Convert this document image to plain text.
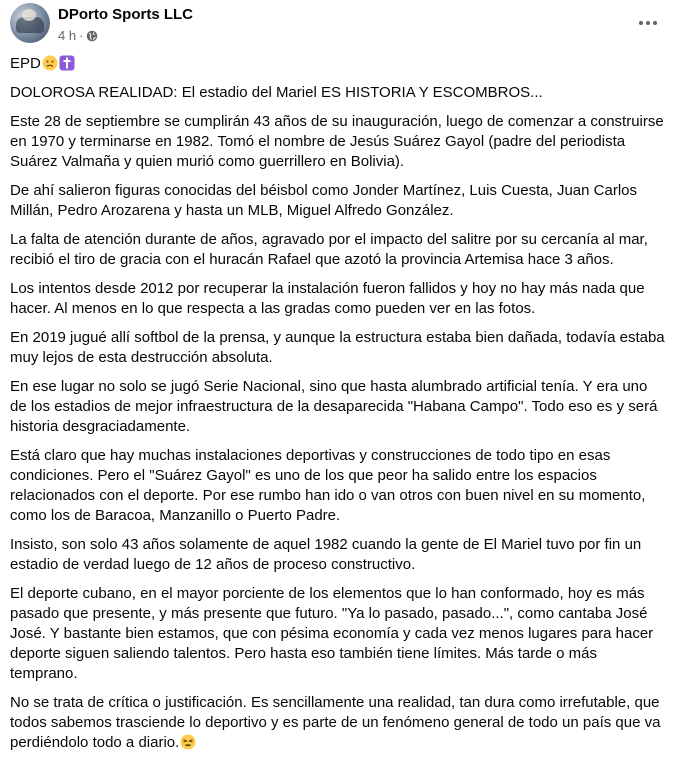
DPorto Sports LLC
4 h ·

EPD

DOLOROSA REALIDAD: El estadio del Mariel ES HISTORIA Y ESCOMBROS...

Este 28 de septiembre se cumplirán 43 años de su inauguración, luego de comenzar a construirse en 1970 y terminarse en 1982. Tomó el nombre de Jesús Suárez Gayol (padre del periodista Suárez Valmaña y quien murió como guerrillero en Bolivia).

De ahí salieron figuras conocidas del béisbol como Jonder Martínez, Luis Cuesta, Juan Carlos Millán, Pedro Arozarena y hasta un MLB, Miguel Alfredo González.

La falta de atención durante de años, agravado por el impacto del salitre por su cercanía al mar, recibió el tiro de gracia con el huracán Rafael que azotó la provincia Artemisa hace 3 años.

Los intentos desde 2012 por recuperar la instalación fueron fallidos y hoy no hay más nada que hacer. Al menos en lo que respecta a las gradas como pueden ver en las fotos.

En 2019 jugué allí softbol de la prensa, y aunque la estructura estaba bien dañada, todavía estaba muy lejos de esta destrucción absoluta.

En ese lugar no solo se jugó Serie Nacional, sino que hasta alumbrado artificial tenía. Y era uno de los estadios de mejor infraestructura de la desaparecida "Habana Campo". Todo eso es y será historia desgraciadamente.

Está claro que hay muchas instalaciones deportivas y construcciones de todo tipo en esas condiciones. Pero el "Suárez Gayol" es uno de los que peor ha salido entre los espacios relacionados con el deporte. Por ese rumbo han ido o van otros con buen nivel en su momento, como los de Baracoa, Manzanillo o Puerto Padre.

Insisto, son solo 43 años solamente de aquel 1982 cuando la gente de El Mariel tuvo por fin un estadio de verdad luego de 12 años de proceso constructivo.

El deporte cubano, en el mayor porciente de los elementos que lo han conformado, hoy es más pasado que presente, y más presente que futuro. "Ya lo pasado, pasado...", como cantaba José José. Y bastante bien estamos, que con pésima economía y cada vez menos lugares para hacer deporte siguen saliendo talentos. Pero hasta eso también tiene límites. Más tarde o más temprano.

No se trata de crítica o justificación. Es sencillamente una realidad, tan dura como irrefutable, que todos sabemos trasciende lo deportivo y es parte de un fenómeno general de todo un país que va perdiéndolo todo a diario.
